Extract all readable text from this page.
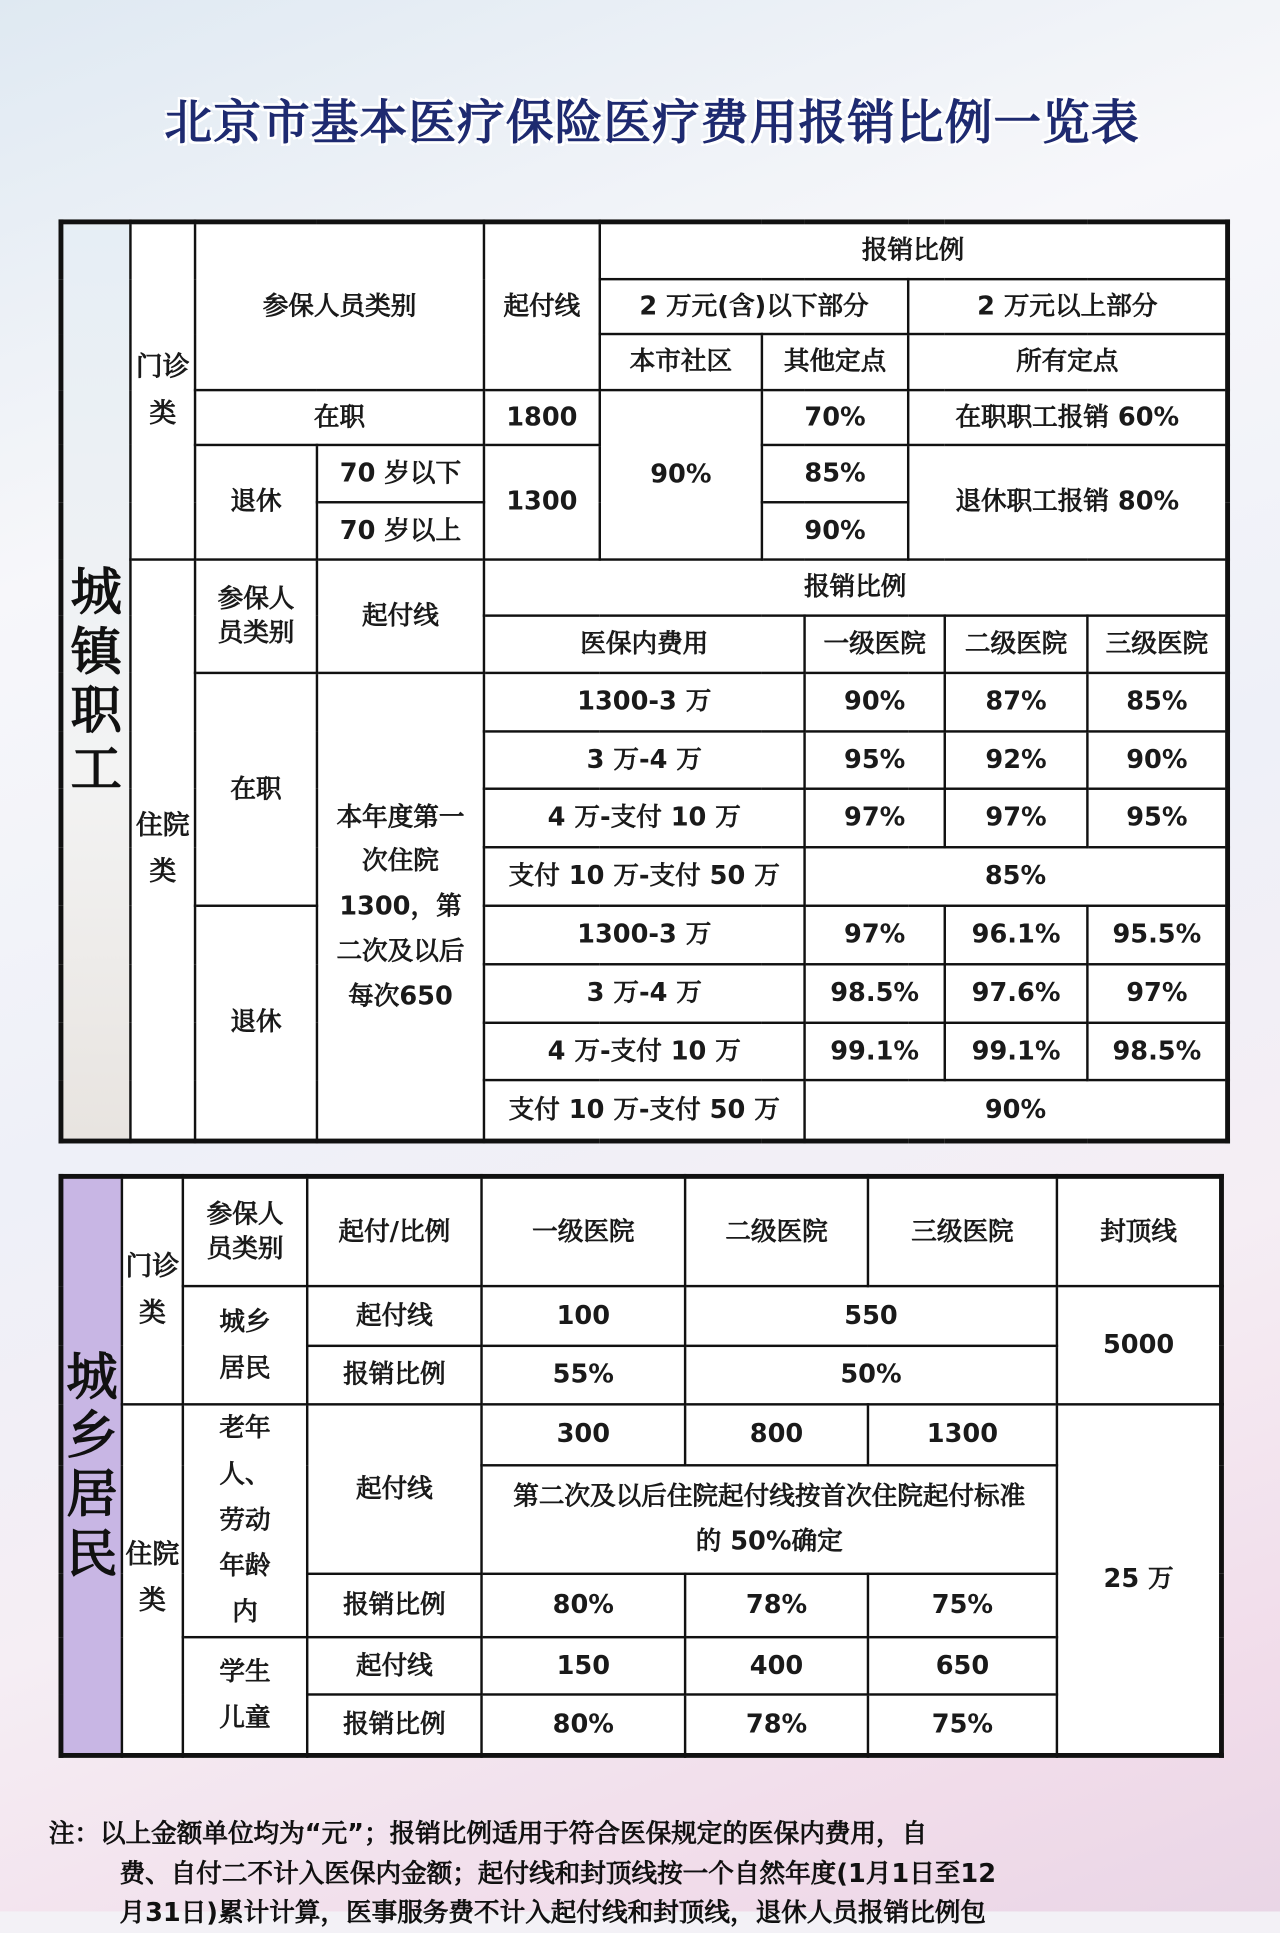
北京市基本医疗保险医疗费用报销比例一览表
城镇职工	门诊类	参保人员类别		起付线	报销比例					
					2 万元(含)以下部分			2 万元以上部分		
					本市社区	其他定点		所有定点		
		在职		1800	90%	70%		在职职工报销 60%		
		退休	70 岁以下	1300		85%		退休职工报销 80%		
			70 岁以上			90%				
	住院类	参保人员类别	起付线	报销比例						
				医保内费用			一级医院		二级医院	三级医院
		在职	本年度第一次住院1300，第二次及以后每次650	1300-3 万			90%		87%	85%
				3 万-4 万			95%		92%	90%
				4 万-支付 10 万			97%		97%	95%
				支付 10 万-支付 50 万			85%			
		退休		1300-3 万			97%		96.1%	95.5%
				3 万-4 万			98.5%		97.6%	97%
				4 万-支付 10 万			99.1%		99.1%	98.5%
				支付 10 万-支付 50 万			90%			
城乡居民	门诊类	参保人员类别	起付/比例	一级医院	二级医院	三级医院	封顶线

		城乡居民	起付线	100	550		5000
			报销比例	55%	50%		
	住院类	老年人、劳动年龄内	起付线	300	800	1300	25 万

				第二次及以后住院起付线按首次住院起付标准的 50%确定			

			报销比例	80%	78%	75%	

		学生儿童	起付线	150	400	650	
			报销比例	80%	78%	75%	
注：以上金额单位均为“元”；报销比例适用于符合医保规定的医保内费用，自
费、自付二不计入医保内金额；起付线和封顶线按一个自然年度(1月1日至12
月31日)累计计算，医事服务费不计入起付线和封顶线，退休人员报销比例包
